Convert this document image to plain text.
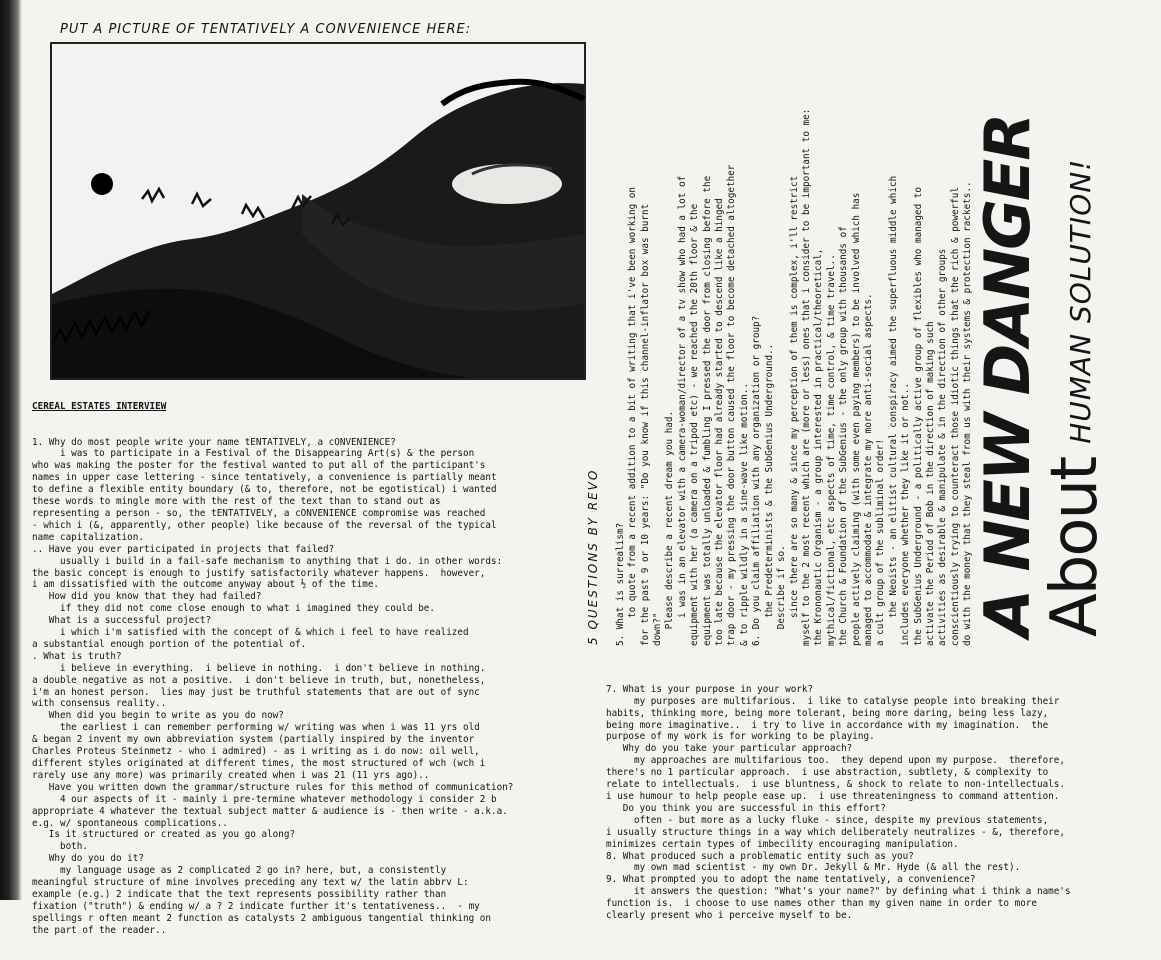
PUT A PICTURE OF TENTATIVELY A CONVENIENCE HERE:

CEREAL ESTATES INTERVIEW

1. Why do most people write your name tENTATIVELY, a cONVENIENCE?
i was to participate in a Festival of the Disappearing Art(s) & the person
who was making the poster for the festival wanted to put all of the participant's
names in upper case lettering - since tentatively, a convenience is partially meant
to define a flexible entity boundary (& to, therefore, not be egotistical) i wanted
these words to mingle more with the rest of the text than to stand out as
representing a person - so, the tENTATIVELY, a cONVENIENCE compromise was reached
- which i (&, apparently, other people) like because of the reversal of the typical
name capitalization.
.. Have you ever participated in projects that failed?
usually i build in a fail-safe mechanism to anything that i do. in other words:
the basic concept is enough to justify satisfactorily whatever happens.  however,
i am dissatisfied with the outcome anyway about ½ of the time.
How did you know that they had failed?
if they did not come close enough to what i imagined they could be.
What is a successful project?
i which i'm satisfied with the concept of & which i feel to have realized
a substantial enough portion of the potential of.
. What is truth?
i believe in everything.  i believe in nothing.  i don't believe in nothing.
a double negative as not a positive.  i don't believe in truth, but, nonetheless,
i'm an honest person.  lies may just be truthful statements that are out of sync
with consensus reality..
When did you begin to write as you do now?
the earliest i can remember performing w/ writing was when i was 11 yrs old
& began 2 invent my own abbreviation system (partially inspired by the inventor
Charles Proteus Steinmetz - who i admired) - as i writing as i do now: oil well,
different styles originated at different times, the most structured of wch (wch i
rarely use any more) was primarily created when i was 21 (11 yrs ago)..
Have you written down the grammar/structure rules for this method of communication?
4 our aspects of it - mainly i pre-termine whatever methodology i consider 2 b
appropriate 4 whatever the textual subject matter & audience is - then write - a.k.a.
e.g. w/ spontaneous complications..
Is it structured or created as you go along?
both.
Why do you do it?
my language usage as 2 complicated 2 go in? here, but, a consistently
meaningful structure of mine involves preceding any text w/ the latin abbrv L:
example (e.g.) 2 indicate that the text represents possibility rather than
fixation ("truth") & ending w/ a ? 2 indicate further it's tentativeness..  - my
spellings r often meant 2 function as catalysts 2 ambiguous tangential thinking on
the part of the reader..

5 QUESTIONS BY REVO

5. What is surrealism? to quote from a recent addition to a bit of writing that i've been working on for the past 9 or 10 years: "Do you know if this channel-inflator box was burnt down?" Please describe a recent dream you had. i was in an elevator with a camera-woman/director of a tv show who had a lot of equipment with her (a camera on a tripod etc) - we reached the 20th floor & the equipment was totally unloaded & fumbling I pressed the door from closing before the too late because the elevator floor had already started to descend like a hinged trap door - my pressing the door button caused the floor to become detached altogether & to ripple wildly in a sine-wave like motion.. 6. Do you claim affiliation with any organization or group? the Predeterminists & the SubGenius Underground.. Describe if so. since there are so many & since my perception of them is complex, i'll restrict myself to the 2 most recent which are (more or less) ones that i consider to be important to me: the Krononautic Organism - a group interested in practical/theoretical, mythical/fictional, etc aspects of time, time control, & time travel.. the Church & Foundation of the SubGenius - the only group with thousands of people actively claiming (with some even paying members) to be involved which has managed to accommodate & integrate my more anti-social aspects. a cult group of the subliminal order! the Neoists - an elitist cultural conspiracy aimed the superfluous middle which includes everyone whether they like it or not.. the SubGenius Underground - a politically active group of flexibles who managed to activate the Period of Bob in the direction of making such activities as desirable & manipulate & in the direction of other groups conscientiously trying to counteract those idiotic things that the rich & powerful do with the money that they steal from us with their systems & protection rackets..

A NEW DANGER
AboutHUMAN SOLUTION!

7. What is your purpose in your work?
my purposes are multifarious.  i like to catalyse people into breaking their
habits, thinking more, being more tolerant, being more daring, being less lazy,
being more imaginative..  i try to live in accordance with my imagination.  the
purpose of my work is for working to be playing.
Why do you take your particular approach?
my approaches are multifarious too.  they depend upon my purpose.  therefore,
there's no 1 particular approach.  i use abstraction, subtlety, & complexity to
relate to intellectuals.  i use bluntness, & shock to relate to non-intellectuals.
i use humour to help people ease up.  i use threateningness to command attention.
Do you think you are successful in this effort?
often - but more as a lucky fluke - since, despite my previous statements,
i usually structure things in a way which deliberately neutralizes - &, therefore,
minimizes certain types of imbecility encouraging manipulation.
8. What produced such a problematic entity such as you?
my own mad scientist - my own Dr. Jekyll & Mr. Hyde (& all the rest).
9. What prompted you to adopt the name tentatively, a convenience?
it answers the question: "What's your name?" by defining what i think a name's
function is.  i choose to use names other than my given name in order to more
clearly present who i perceive myself to be.
